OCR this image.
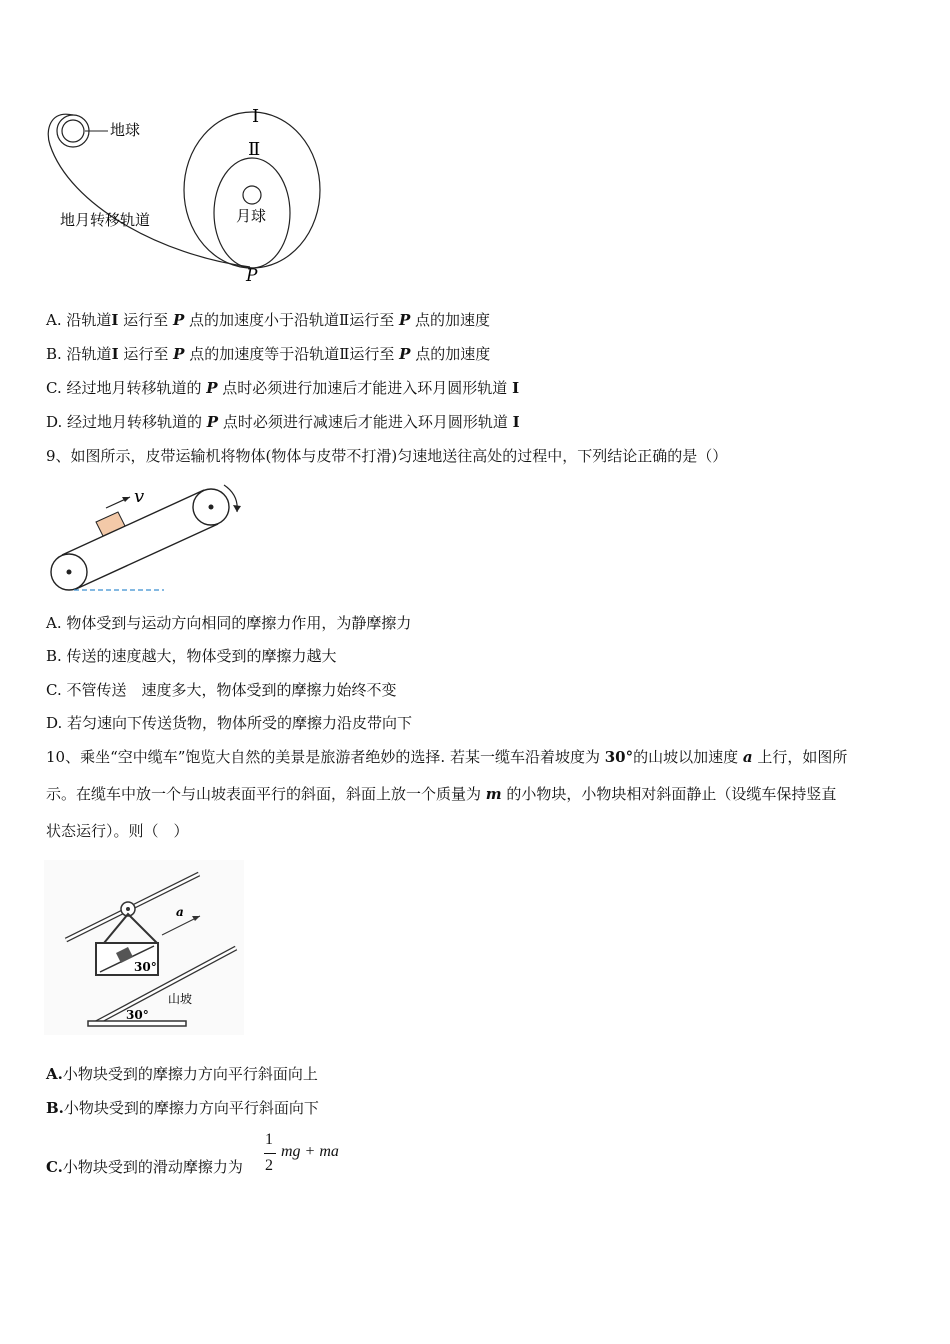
地球
地月转移轨道	月球
Ⅰ
Ⅱ
P
A. 沿轨道I 运行至 P 点的加速度小于沿轨道Ⅱ运行至 P 点的加速度
B. 沿轨道I 运行至 P 点的加速度等于沿轨道Ⅱ运行至 P 点的加速度
C. 经过地月转移轨道的 P 点时必须进行加速后才能进入环月圆形轨道 I
D. 经过地月转移轨道的 P 点时必须进行减速后才能进入环月圆形轨道 I
9、如图所示，皮带运输机将物体(物体与皮带不打滑)匀速地送往高处的过程中，下列结论正确的是（）
v
A. 物体受到与运动方向相同的摩擦力作用，为静摩擦力
B. 传送的速度越大，物体受到的摩擦力越大
C. 不管传送　速度多大，物体受到的摩擦力始终不变
D. 若匀速向下传送货物，物体所受的摩擦力沿皮带向下
10、乘坐“空中缆车”饱览大自然的美景是旅游者绝妙的选择. 若某一缆车沿着坡度为 30°的山坡以加速度 a 上行，如图所
示。在缆车中放一个与山坡表面平行的斜面，斜面上放一个质量为 m 的小物块，小物块相对斜面静止（设缆车保持竖直
状态运行）。则（　）
30°
a
山坡
30°
A.小物块受到的摩擦力方向平行斜面向上
B.小物块受到的摩擦力方向平行斜面向下
C.小物块受到的滑动摩擦力为
1
2
mg + ma
